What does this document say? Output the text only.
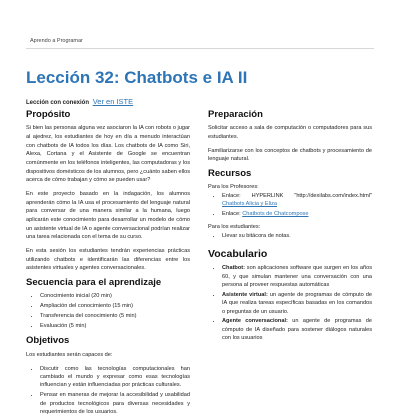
Aprendo a Programar
Lección 32: Chatbots e IA II
Lección con conexión Ver en ISTE
Propósito

Si bien las personas alguna vez asociaron la IA con robots o jugar al ajedrez, los estudiantes de hoy en día a menudo interactúan con chatbots de IA todos los días. Los chatbots de IA como Siri, Alexa, Cortana y el Asistente de Google se encuentran comúnmente en los teléfonos inteligentes, las computadoras y los dispositivos domésticos de los alumnos, pero ¿cuánto saben ellos acerca de cómo trabajan y cómo se pueden usar?

En este proyecto basado en la indagación, los alumnos aprenderán cómo la IA usa el procesamiento del lenguaje natural para conversar de una manera similar a la humana, luego aplicarán este conocimiento para desarrollar un modelo de cómo un asistente virtual de IA o agente conversacional podrían realizar una tarea relacionada con el tema de su curso.

En esta sesión los estudiantes tendrán experiencias prácticas utilizando chatbots e identificarán las diferencias entre los asistentes virtuales y agentes conversacionales.

Secuencia para el aprendizaje
• Conocimiento inicial (20 min)
• Ampliación del conocimiento (15 min)
• Transferencia del conocimiento (5 min)
• Evaluación (5 min)
Objetivos

Los estudiantes serán capaces de:

• Discutir como las tecnologías computacionales han cambiado el mundo y expresar como esas tecnologías influencian y están influenciadas por prácticas culturales.
• Pensar en maneras de mejorar la accesibilidad y usabilidad de productos tecnológicos para diversas necesidades y requerimientos de los usuarios.
Preparación

Solicitar acceso a sala de computación o computadores para sus estudiantes.

Familiarizarse con los conceptos de chatbots y procesamiento de lenguaje natural.

Recursos
Para los Profesores:
• Enlace: HYPERLINK "http://dexilabs.com/index.html" Chatbots Alicia y Eliza
• Enlace: Chatbots de Chatcompose
Para los estudiantes:
• Llevar su bitácora de notas.
Vocabulario
• Chatbot: son aplicaciones software que surgen en los años 60, y que simulan mantener una conversación con una persona al proveer respuestas automáticas
• Asistente virtual: un agente de programas de cómputo de IA que realiza tareas específicas basadas en los comandos o preguntas de un usuario.
• Agente conversacional: un agente de programas de cómputo de IA diseñado para sostener diálogos naturales con los usuarios
